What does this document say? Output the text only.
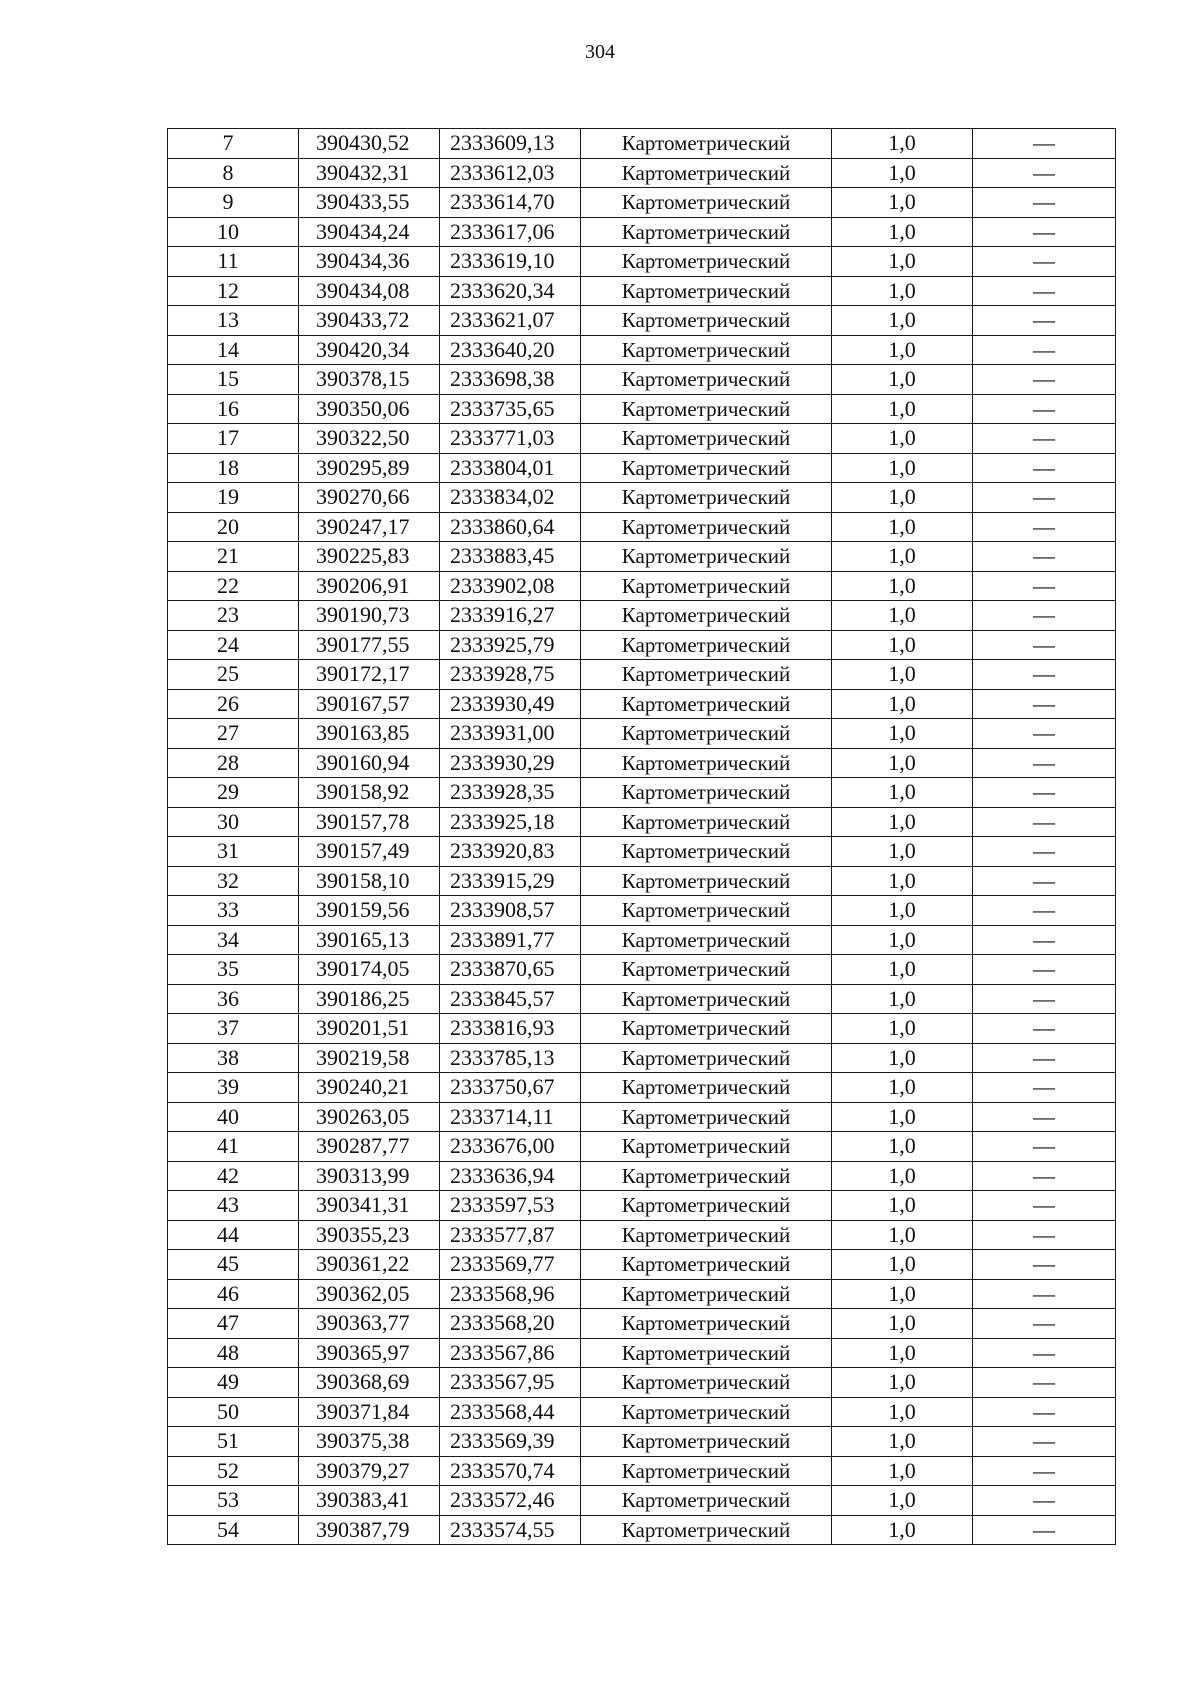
304
7	390430,52	2333609,13	Картометрический	1,0	—
8	390432,31	2333612,03	Картометрический	1,0	—
9	390433,55	2333614,70	Картометрический	1,0	—
10	390434,24	2333617,06	Картометрический	1,0	—
11	390434,36	2333619,10	Картометрический	1,0	—
12	390434,08	2333620,34	Картометрический	1,0	—
13	390433,72	2333621,07	Картометрический	1,0	—
14	390420,34	2333640,20	Картометрический	1,0	—
15	390378,15	2333698,38	Картометрический	1,0	—
16	390350,06	2333735,65	Картометрический	1,0	—
17	390322,50	2333771,03	Картометрический	1,0	—
18	390295,89	2333804,01	Картометрический	1,0	—
19	390270,66	2333834,02	Картометрический	1,0	—
20	390247,17	2333860,64	Картометрический	1,0	—
21	390225,83	2333883,45	Картометрический	1,0	—
22	390206,91	2333902,08	Картометрический	1,0	—
23	390190,73	2333916,27	Картометрический	1,0	—
24	390177,55	2333925,79	Картометрический	1,0	—
25	390172,17	2333928,75	Картометрический	1,0	—
26	390167,57	2333930,49	Картометрический	1,0	—
27	390163,85	2333931,00	Картометрический	1,0	—
28	390160,94	2333930,29	Картометрический	1,0	—
29	390158,92	2333928,35	Картометрический	1,0	—
30	390157,78	2333925,18	Картометрический	1,0	—
31	390157,49	2333920,83	Картометрический	1,0	—
32	390158,10	2333915,29	Картометрический	1,0	—
33	390159,56	2333908,57	Картометрический	1,0	—
34	390165,13	2333891,77	Картометрический	1,0	—
35	390174,05	2333870,65	Картометрический	1,0	—
36	390186,25	2333845,57	Картометрический	1,0	—
37	390201,51	2333816,93	Картометрический	1,0	—
38	390219,58	2333785,13	Картометрический	1,0	—
39	390240,21	2333750,67	Картометрический	1,0	—
40	390263,05	2333714,11	Картометрический	1,0	—
41	390287,77	2333676,00	Картометрический	1,0	—
42	390313,99	2333636,94	Картометрический	1,0	—
43	390341,31	2333597,53	Картометрический	1,0	—
44	390355,23	2333577,87	Картометрический	1,0	—
45	390361,22	2333569,77	Картометрический	1,0	—
46	390362,05	2333568,96	Картометрический	1,0	—
47	390363,77	2333568,20	Картометрический	1,0	—
48	390365,97	2333567,86	Картометрический	1,0	—
49	390368,69	2333567,95	Картометрический	1,0	—
50	390371,84	2333568,44	Картометрический	1,0	—
51	390375,38	2333569,39	Картометрический	1,0	—
52	390379,27	2333570,74	Картометрический	1,0	—
53	390383,41	2333572,46	Картометрический	1,0	—
54	390387,79	2333574,55	Картометрический	1,0	—
